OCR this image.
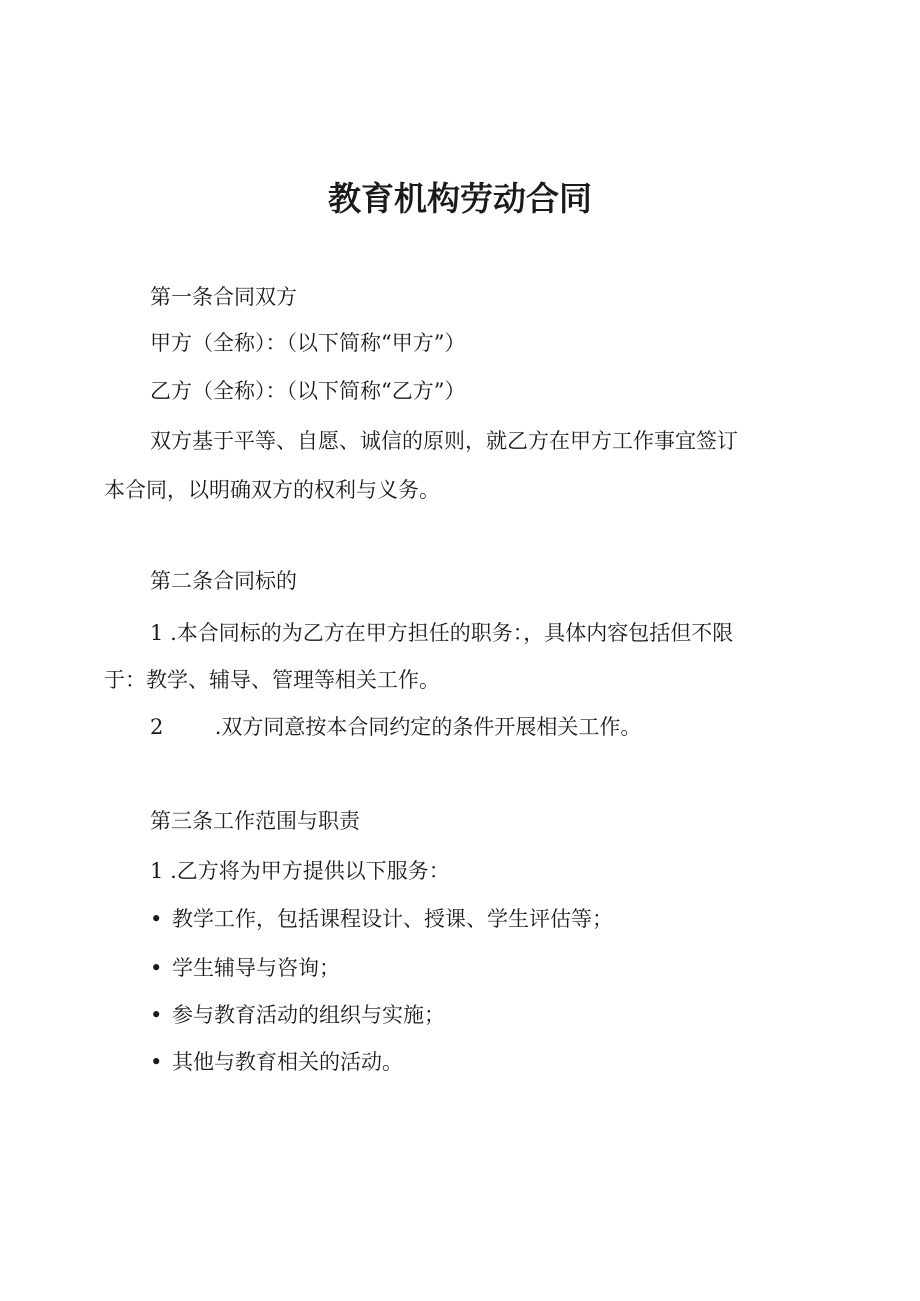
教育机构劳动合同
第一条合同双方
甲方（全称）：（以下简称“甲方”）
乙方（全称）：（以下简称“乙方”）
双方基于平等、自愿、诚信的原则，就乙方在甲方工作事宜签订
本合同，以明确双方的权利与义务。
第二条合同标的
1 .本合同标的为乙方在甲方担任的职务：，具体内容包括但不限
于：教学、辅导、管理等相关工作。
2 .双方同意按本合同约定的条件开展相关工作。
第三条工作范围与职责
1 .乙方将为甲方提供以下服务：
• 教学工作，包括课程设计、授课、学生评估等；
• 学生辅导与咨询；
• 参与教育活动的组织与实施；
• 其他与教育相关的活动。
